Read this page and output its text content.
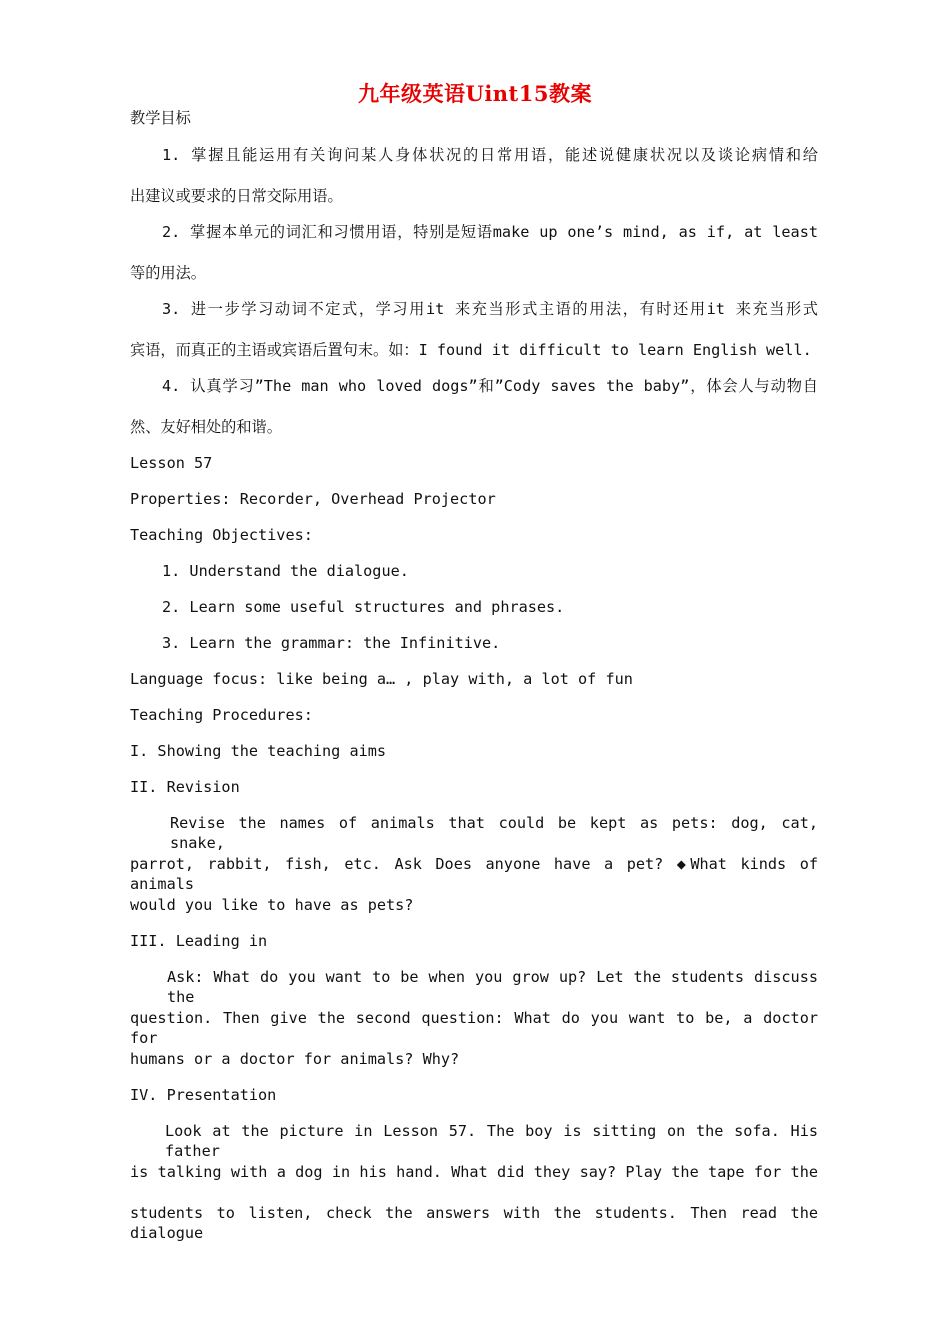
九年级英语Uint15教案
教学目标
1. 掌握且能运用有关询问某人身体状况的日常用语，能述说健康状况以及谈论病情和给
出建议或要求的日常交际用语。
2. 掌握本单元的词汇和习惯用语，特别是短语make up one’s mind, as if, at least
等的用法。
3. 进一步学习动词不定式，学习用it 来充当形式主语的用法，有时还用it 来充当形式
宾语，而真正的主语或宾语后置句末。如：I found it difficult to learn English well.
4. 认真学习”The man who loved dogs”和”Cody saves the baby”，体会人与动物自
然、友好相处的和谐。
Lesson 57
Properties: Recorder, Overhead Projector
Teaching Objectives:
1. Understand the dialogue.
2. Learn some useful structures and phrases.
3. Learn the grammar: the Infinitive.
Language focus: like being a… , play with, a lot of fun
Teaching Procedures:
I. Showing the teaching aims
II. Revision
Revise the names of animals that could be kept as pets: dog, cat, snake,
parrot, rabbit, fish, etc. Ask Does anyone have a pet? ◆What kinds of animals
would you like to have as pets?
III. Leading in
Ask: What do you want to be when you grow up? Let the students discuss the
question. Then give the second question: What do you want to be, a doctor for
humans or a doctor for animals? Why?
IV. Presentation
Look at the picture in Lesson 57. The boy is sitting on the sofa. His father
is talking with a dog in his hand. What did they say? Play the tape for the
students to listen, check the answers with the students. Then read the dialogue
